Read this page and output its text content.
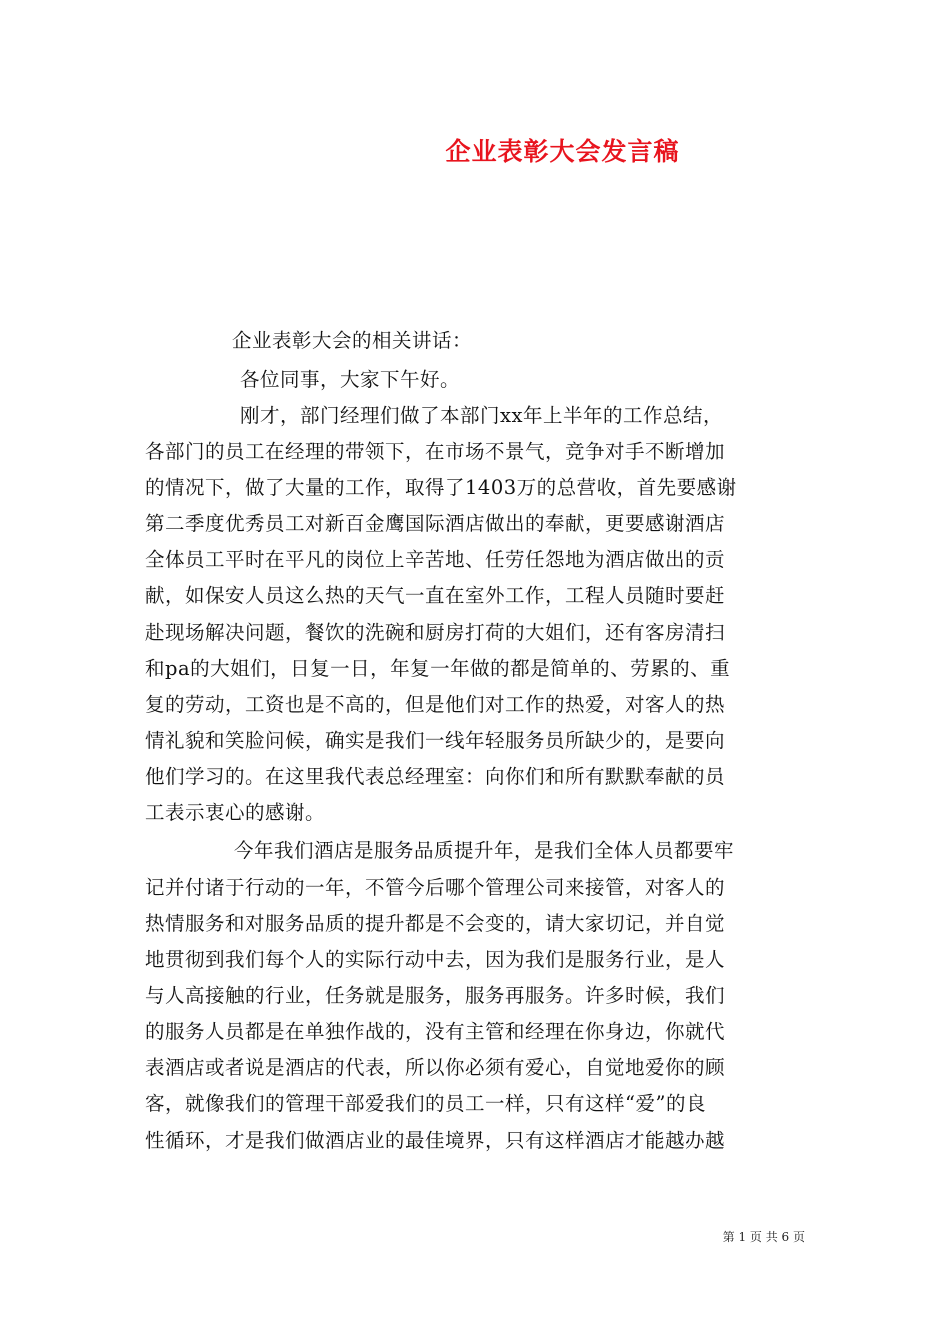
企业表彰大会发言稿
企业表彰大会的相关讲话：
各位同事，大家下午好。
刚才，部门经理们做了本部门xx年上半年的工作总结，
各部门的员工在经理的带领下，在市场不景气，竞争对手不断增加
的情况下，做了大量的工作，取得了1403万的总营收，首先要感谢
第二季度优秀员工对新百金鹰国际酒店做出的奉献，更要感谢酒店
全体员工平时在平凡的岗位上辛苦地、任劳任怨地为酒店做出的贡
献，如保安人员这么热的天气一直在室外工作，工程人员随时要赶
赴现场解决问题，餐饮的洗碗和厨房打荷的大姐们，还有客房清扫
和pa的大姐们，日复一日，年复一年做的都是简单的、劳累的、重
复的劳动，工资也是不高的，但是他们对工作的热爱，对客人的热
情礼貌和笑脸问候，确实是我们一线年轻服务员所缺少的，是要向
他们学习的。在这里我代表总经理室：向你们和所有默默奉献的员
工表示衷心的感谢。
今年我们酒店是服务品质提升年，是我们全体人员都要牢
记并付诸于行动的一年，不管今后哪个管理公司来接管，对客人的
热情服务和对服务品质的提升都是不会变的，请大家切记，并自觉
地贯彻到我们每个人的实际行动中去，因为我们是服务行业，是人
与人高接触的行业，任务就是服务，服务再服务。许多时候，我们
的服务人员都是在单独作战的，没有主管和经理在你身边，你就代
表酒店或者说是酒店的代表，所以你必须有爱心，自觉地爱你的顾
客，就像我们的管理干部爱我们的员工一样，只有这样“爱”的良
性循环，才是我们做酒店业的最佳境界，只有这样酒店才能越办越
第 1 页 共 6 页
